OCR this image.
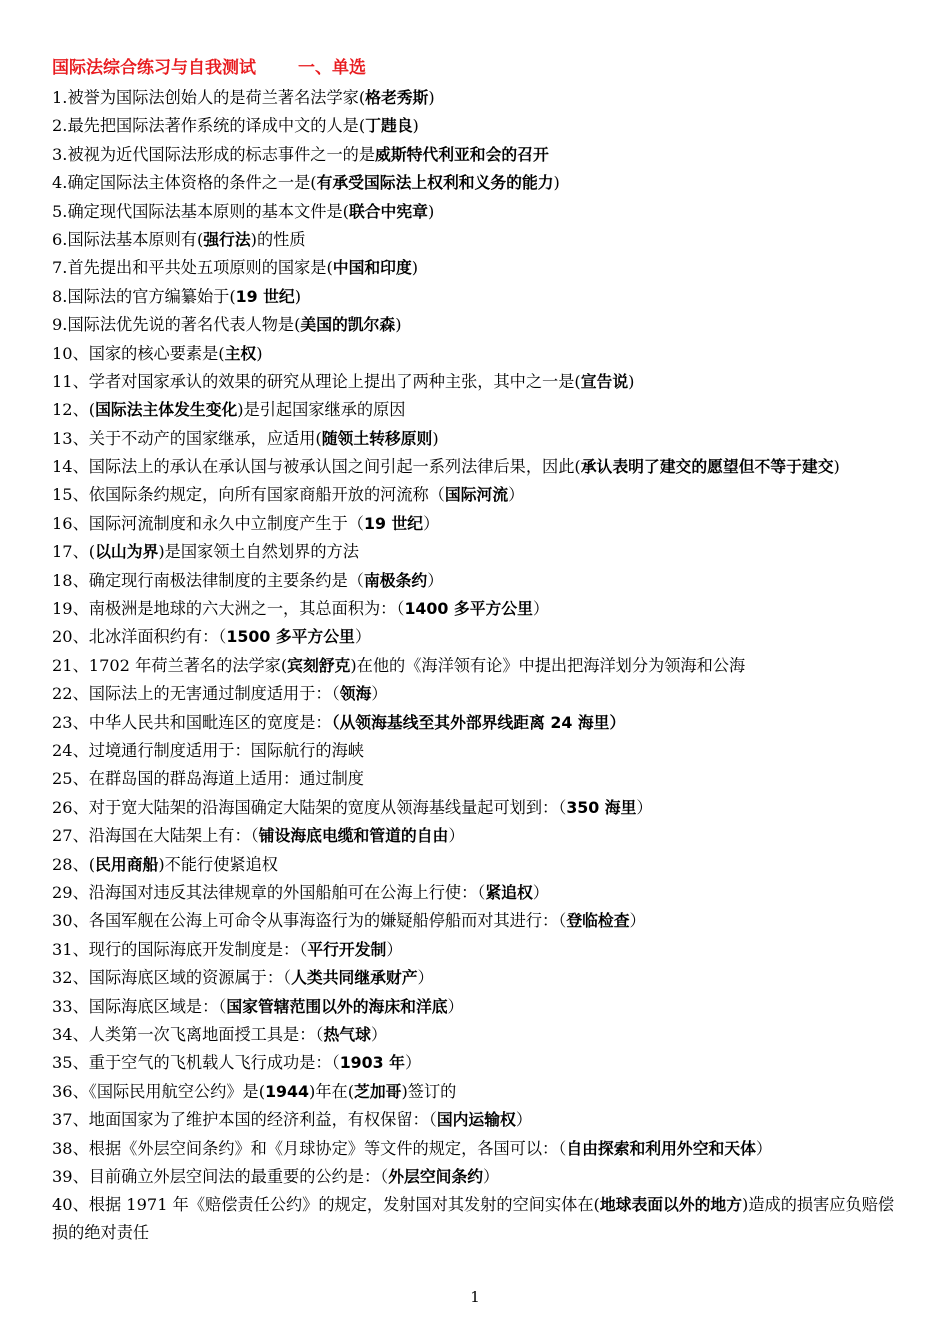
国际法综合练习与自我测试 一、单选
1.被誉为国际法创始人的是荷兰著名法学家(格老秀斯)
2.最先把国际法著作系统的译成中文的人是(丁韪良)
3.被视为近代国际法形成的标志事件之一的是威斯特代利亚和会的召开
4.确定国际法主体资格的条件之一是(有承受国际法上权利和义务的能力)
5.确定现代国际法基本原则的基本文件是(联合中宪章)
6.国际法基本原则有(强行法)的性质
7.首先提出和平共处五项原则的国家是(中国和印度)
8.国际法的官方编纂始于(19 世纪)
9.国际法优先说的著名代表人物是(美国的凯尔森)
10、国家的核心要素是(主权)
11、学者对国家承认的效果的研究从理论上提出了两种主张，其中之一是(宣告说)
12、(国际法主体发生变化)是引起国家继承的原因
13、关于不动产的国家继承，应适用(随领土转移原则)
14、国际法上的承认在承认国与被承认国之间引起一系列法律后果，因此(承认表明了建交的愿望但不等于建交)
15、依国际条约规定，向所有国家商船开放的河流称（国际河流）
16、国际河流制度和永久中立制度产生于（19 世纪）
17、(以山为界)是国家领土自然划界的方法
18、确定现行南极法律制度的主要条约是（南极条约）
19、南极洲是地球的六大洲之一，其总面积为：（1400 多平方公里）
20、北冰洋面积约有：（1500 多平方公里）
21、1702 年荷兰著名的法学家(宾刻舒克)在他的《海洋领有论》中提出把海洋划分为领海和公海
22、国际法上的无害通过制度适用于：（领海）
23、中华人民共和国毗连区的宽度是：（从领海基线至其外部界线距离 24 海里）
24、过境通行制度适用于：国际航行的海峡
25、在群岛国的群岛海道上适用：通过制度
26、对于宽大陆架的沿海国确定大陆架的宽度从领海基线量起可划到：（350 海里）
27、沿海国在大陆架上有：（铺设海底电缆和管道的自由）
28、(民用商船)不能行使紧追权
29、沿海国对违反其法律规章的外国船舶可在公海上行使：（紧追权）
30、各国军舰在公海上可命令从事海盗行为的嫌疑船停船而对其进行：（登临检查）
31、现行的国际海底开发制度是：（平行开发制）
32、国际海底区域的资源属于：（人类共同继承财产）
33、国际海底区域是：（国家管辖范围以外的海床和洋底）
34、人类第一次飞离地面授工具是：（热气球）
35、重于空气的飞机载人飞行成功是：（1903 年）
36、《国际民用航空公约》是(1944)年在(芝加哥)签订的
37、地面国家为了维护本国的经济利益，有权保留：（国内运输权）
38、根据《外层空间条约》和《月球协定》等文件的规定，各国可以：（自由探索和利用外空和天体）
39、目前确立外层空间法的最重要的公约是：（外层空间条约）
40、根据 1971 年《赔偿责任公约》的规定，发射国对其发射的空间实体在(地球表面以外的地方)造成的损害应负赔偿损的绝对责任
1
